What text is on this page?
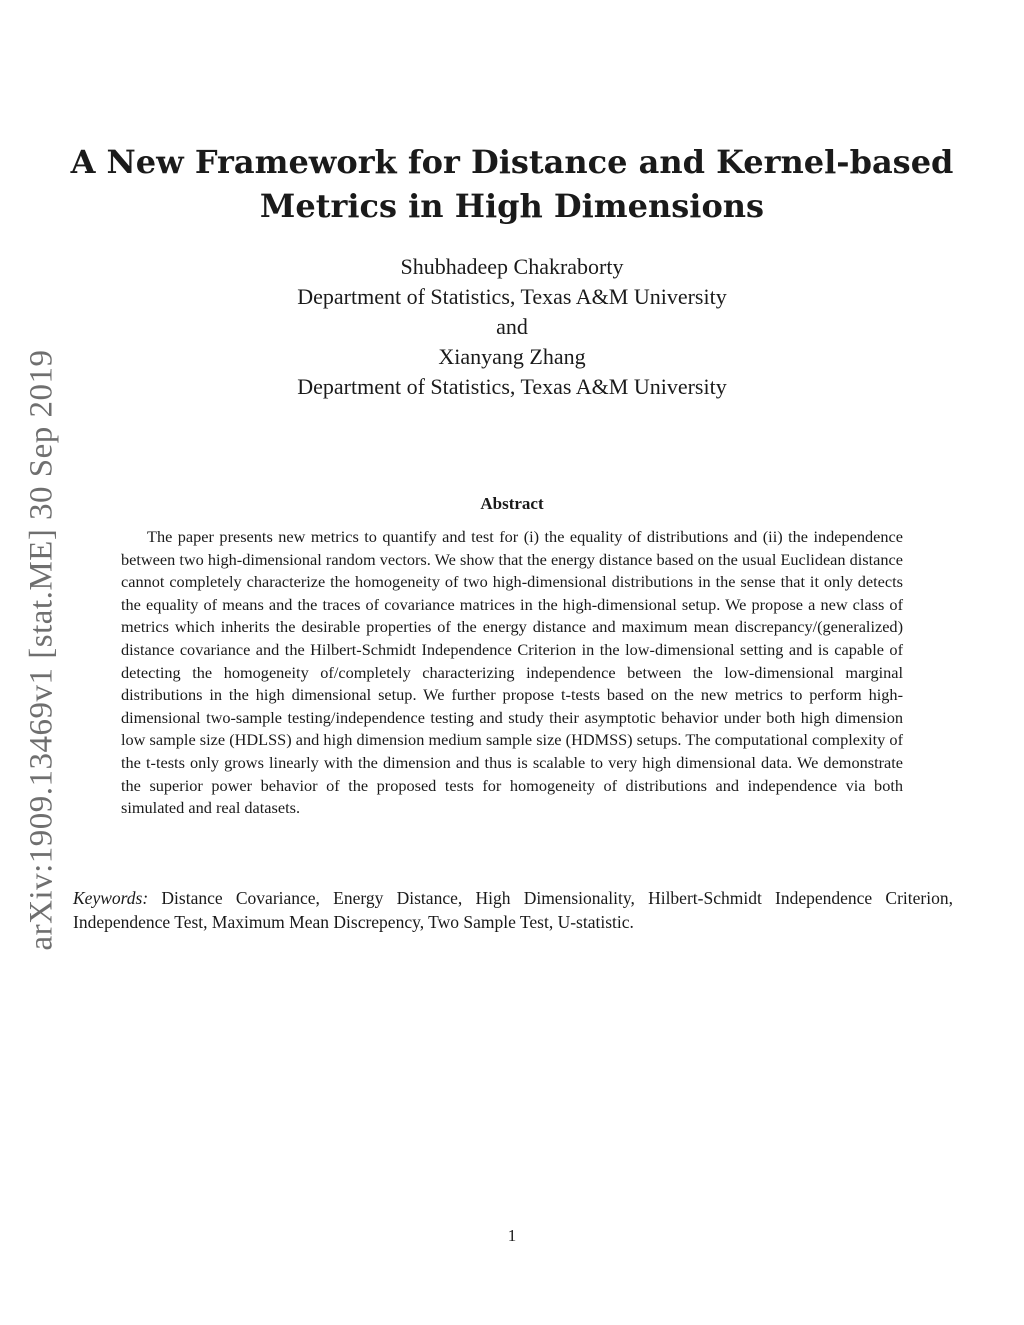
arXiv:1909.13469v1 [stat.ME] 30 Sep 2019
A New Framework for Distance and Kernel-based
Metrics in High Dimensions
Shubhadeep Chakraborty
Department of Statistics, Texas A&M University
and
Xianyang Zhang
Department of Statistics, Texas A&M University
Abstract

The paper presents new metrics to quantify and test for (i) the equality of distributions and (ii) the independence between two high-dimensional random vectors. We show that the energy distance based on the usual Euclidean distance cannot completely characterize the homogeneity of two high-dimensional distributions in the sense that it only detects the equality of means and the traces of covariance matrices in the high-dimensional setup. We propose a new class of metrics which inherits the desirable properties of the energy distance and maximum mean discrepancy/(generalized) distance covariance and the Hilbert-Schmidt Independence Criterion in the low-dimensional setting and is capable of detecting the homogeneity of/completely characterizing independence between the low-dimensional marginal distributions in the high dimensional setup. We further propose t-tests based on the new metrics to perform high-dimensional two-sample testing/independence testing and study their asymptotic behavior under both high dimension low sample size (HDLSS) and high dimension medium sample size (HDMSS) setups. The computational complexity of the t-tests only grows linearly with the dimension and thus is scalable to very high dimensional data. We demonstrate the superior power behavior of the proposed tests for homogeneity of distributions and independence via both simulated and real datasets.

Keywords: Distance Covariance, Energy Distance, High Dimensionality, Hilbert-Schmidt Independence Criterion, Independence Test, Maximum Mean Discrepency, Two Sample Test, U-statistic.

1
